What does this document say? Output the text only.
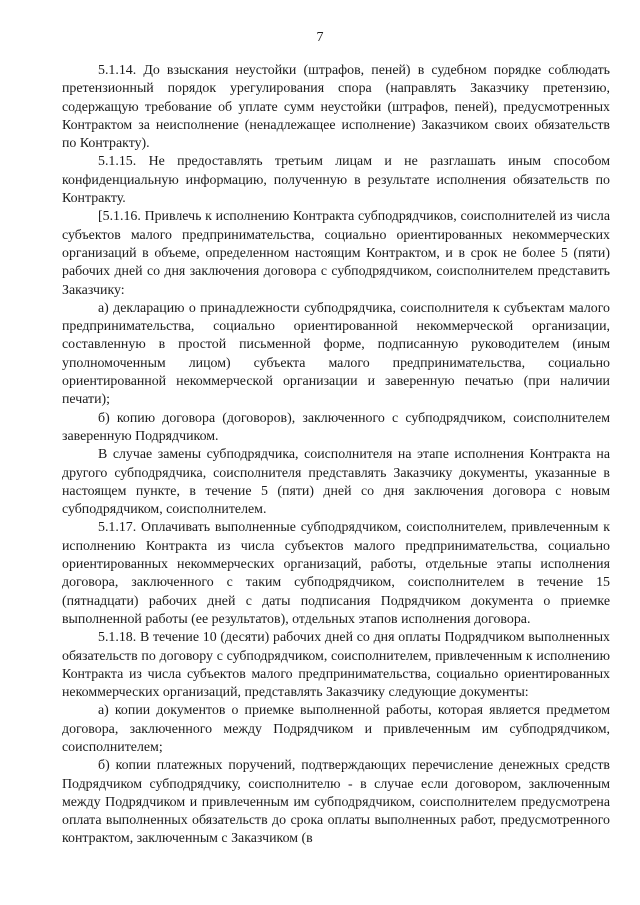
7

5.1.14. До взыскания неустойки (штрафов, пеней) в судебном порядке соблюдать претензионный порядок урегулирования спора (направлять Заказчику претензию, содержащую требование об уплате сумм неустойки (штрафов, пеней), предусмотренных Контрактом за неисполнение (ненадлежащее исполнение) Заказчиком своих обязательств по Контракту).

5.1.15. Не предоставлять третьим лицам и не разглашать иным способом конфиденциальную информацию, полученную в результате исполнения обязательств по Контракту.

[5.1.16. Привлечь к исполнению Контракта субподрядчиков, соисполнителей из числа субъектов малого предпринимательства, социально ориентированных некоммерческих организаций в объеме, определенном настоящим Контрактом, и в срок не более 5 (пяти) рабочих дней со дня заключения договора с субподрядчиком, соисполнителем представить Заказчику:

а) декларацию о принадлежности субподрядчика, соисполнителя к субъектам малого предпринимательства, социально ориентированной некоммерческой организации, составленную в простой письменной форме, подписанную руководителем (иным уполномоченным лицом) субъекта малого предпринимательства, социально ориентированной некоммерческой организации и заверенную печатью (при наличии печати);

б) копию договора (договоров), заключенного с субподрядчиком, соисполнителем заверенную Подрядчиком.

В случае замены субподрядчика, соисполнителя на этапе исполнения Контракта на другого субподрядчика, соисполнителя представлять Заказчику документы, указанные в настоящем пункте, в течение 5 (пяти) дней со дня заключения договора с новым субподрядчиком, соисполнителем.

5.1.17. Оплачивать выполненные субподрядчиком, соисполнителем, привлеченным к исполнению Контракта из числа субъектов малого предпринимательства, социально ориентированных некоммерческих организаций, работы, отдельные этапы исполнения договора, заключенного с таким субподрядчиком, соисполнителем в течение 15 (пятнадцати) рабочих дней с даты подписания Подрядчиком документа о приемке выполненной работы (ее результатов), отдельных этапов исполнения договора.

5.1.18. В течение 10 (десяти) рабочих дней со дня оплаты Подрядчиком выполненных обязательств по договору с субподрядчиком, соисполнителем, привлеченным к исполнению Контракта из числа субъектов малого предпринимательства, социально ориентированных некоммерческих организаций, представлять Заказчику следующие документы:

а) копии документов о приемке выполненной работы, которая является предметом договора, заключенного между Подрядчиком и привлеченным им субподрядчиком, соисполнителем;

б) копии платежных поручений, подтверждающих перечисление денежных средств Подрядчиком субподрядчику, соисполнителю - в случае если договором, заключенным между Подрядчиком и привлеченным им субподрядчиком, соисполнителем предусмотрена оплата выполненных обязательств до срока оплаты выполненных работ, предусмотренного контрактом, заключенным с Заказчиком (в
